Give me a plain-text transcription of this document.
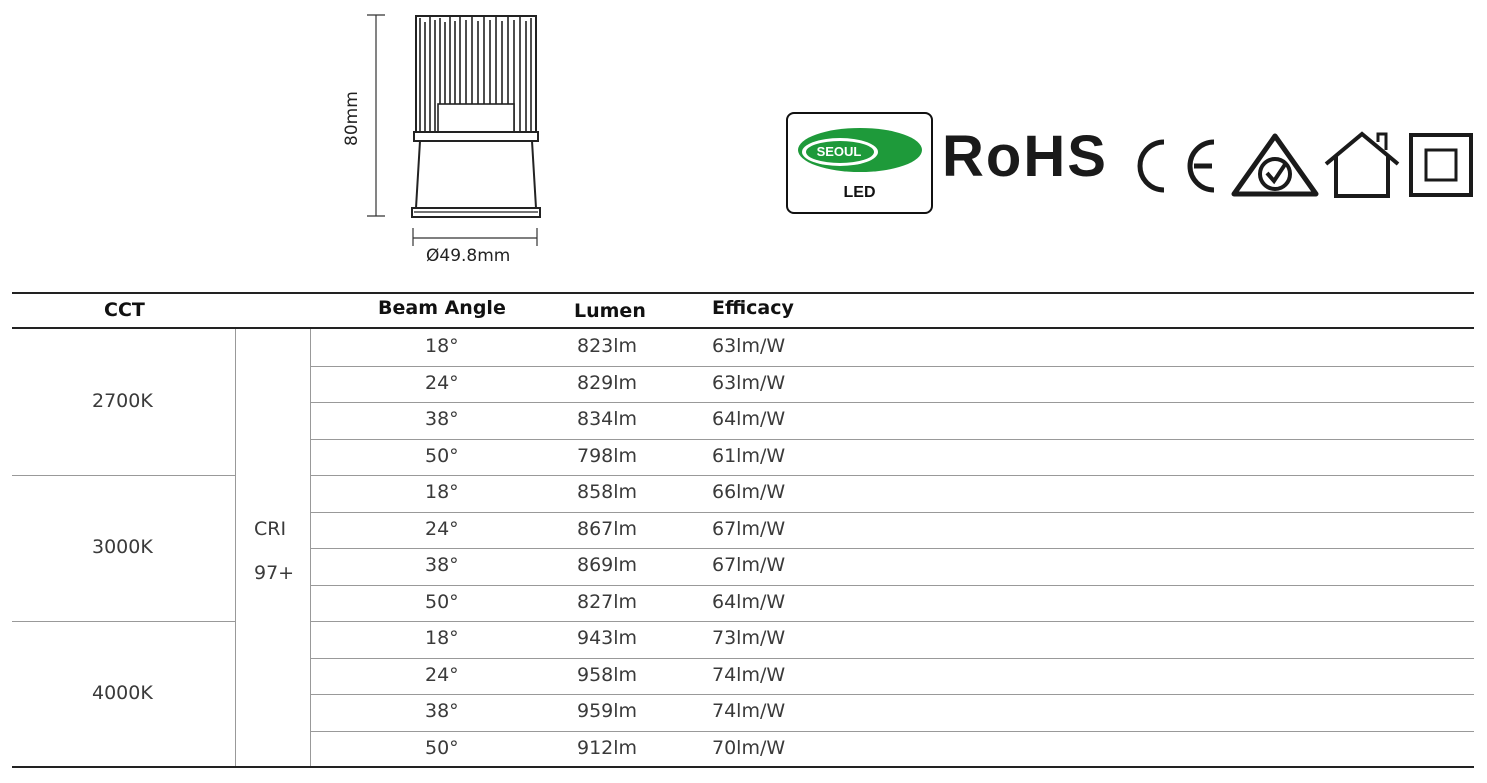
80mm
Ø49.8mm
SEOUL
LED
RoHS
CCT	Beam Angle	Lumen	Efficacy
CRI
97+
2700K
18°	823lm	63lm/W
24°	829lm	63lm/W
38°	834lm	64lm/W
50°	798lm	61lm/W
3000K
18°	858lm	66lm/W
24°	867lm	67lm/W
38°	869lm	67lm/W
50°	827lm	64lm/W
4000K
18°	943lm	73lm/W
24°	958lm	74lm/W
38°	959lm	74lm/W
50°	912lm	70lm/W
